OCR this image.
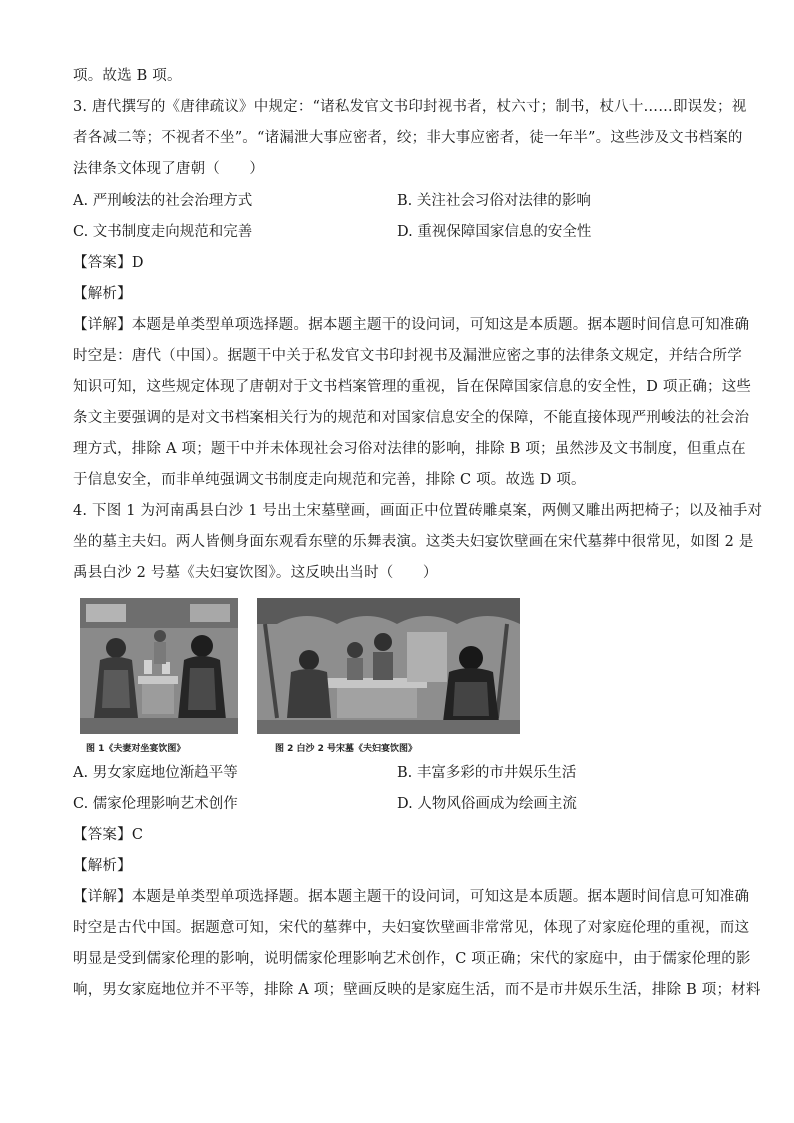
项。故选 B 项。
3. 唐代撰写的《唐律疏议》中规定：“诸私发官文书印封视书者，杖六寸；制书，杖八十……即误发；视
者各减二等；不视者不坐”。“诸漏泄大事应密者，绞；非大事应密者，徒一年半”。这些涉及文书档案的
法律条文体现了唐朝（　　）
A. 严刑峻法的社会治理方式	B. 关注社会习俗对法律的影响
C. 文书制度走向规范和完善	D. 重视保障国家信息的安全性
【答案】D
【解析】
【详解】本题是单类型单项选择题。据本题主题干的设问词，可知这是本质题。据本题时间信息可知准确
时空是：唐代（中国）。据题干中关于私发官文书印封视书及漏泄应密之事的法律条文规定，并结合所学
知识可知，这些规定体现了唐朝对于文书档案管理的重视，旨在保障国家信息的安全性，D 项正确；这些
条文主要强调的是对文书档案相关行为的规范和对国家信息安全的保障，不能直接体现严刑峻法的社会治
理方式，排除 A 项；题干中并未体现社会习俗对法律的影响，排除 B 项；虽然涉及文书制度，但重点在
于信息安全，而非单纯强调文书制度走向规范和完善，排除 C 项。故选 D 项。
4. 下图 1 为河南禹县白沙 1 号出土宋墓壁画，画面正中位置砖雕桌案，两侧又雕出两把椅子；以及袖手对
坐的墓主夫妇。两人皆侧身面东观看东壁的乐舞表演。这类夫妇宴饮壁画在宋代墓葬中很常见，如图 2 是
禹县白沙 2 号墓《夫妇宴饮图》。这反映出当时（　　）
图 1《夫妻对坐宴饮图》	图 2 白沙 2 号宋墓《夫妇宴饮图》
A. 男女家庭地位渐趋平等	B. 丰富多彩的市井娱乐生活
C. 儒家伦理影响艺术创作	D. 人物风俗画成为绘画主流
【答案】C
【解析】
【详解】本题是单类型单项选择题。据本题主题干的设问词，可知这是本质题。据本题时间信息可知准确
时空是古代中国。据题意可知，宋代的墓葬中，夫妇宴饮壁画非常常见，体现了对家庭伦理的重视，而这
明显是受到儒家伦理的影响，说明儒家伦理影响艺术创作，C 项正确；宋代的家庭中，由于儒家伦理的影
响，男女家庭地位并不平等，排除 A 项；壁画反映的是家庭生活，而不是市井娱乐生活，排除 B 项；材料
